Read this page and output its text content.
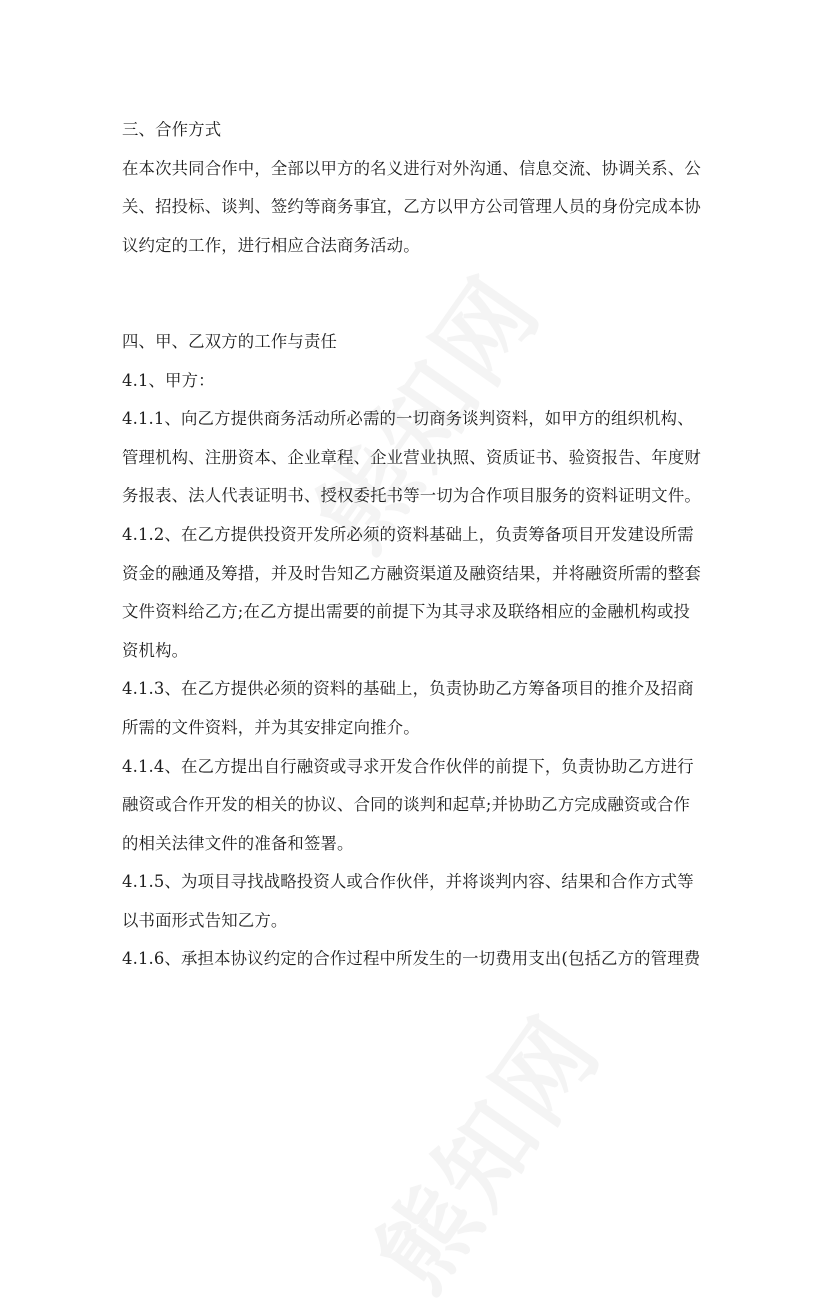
三、合作方式
在本次共同合作中，全部以甲方的名义进行对外沟通、信息交流、协调关系、公
关、招投标、谈判、签约等商务事宜，乙方以甲方公司管理人员的身份完成本协
议约定的工作，进行相应合法商务活动。
四、甲、乙双方的工作与责任
4.1、甲方：
4.1.1、向乙方提供商务活动所必需的一切商务谈判资料，如甲方的组织机构、
管理机构、注册资本、企业章程、企业营业执照、资质证书、验资报告、年度财
务报表、法人代表证明书、授权委托书等一切为合作项目服务的资料证明文件。
4.1.2、在乙方提供投资开发所必须的资料基础上，负责筹备项目开发建设所需
资金的融通及筹措，并及时告知乙方融资渠道及融资结果，并将融资所需的整套
文件资料给乙方;在乙方提出需要的前提下为其寻求及联络相应的金融机构或投
资机构。
4.1.3、在乙方提供必须的资料的基础上，负责协助乙方筹备项目的推介及招商
所需的文件资料，并为其安排定向推介。
4.1.4、在乙方提出自行融资或寻求开发合作伙伴的前提下，负责协助乙方进行
融资或合作开发的相关的协议、合同的谈判和起草;并协助乙方完成融资或合作
的相关法律文件的准备和签署。
4.1.5、为项目寻找战略投资人或合作伙伴，并将谈判内容、结果和合作方式等
以书面形式告知乙方。
4.1.6、承担本协议约定的合作过程中所发生的一切费用支出(包括乙方的管理费
